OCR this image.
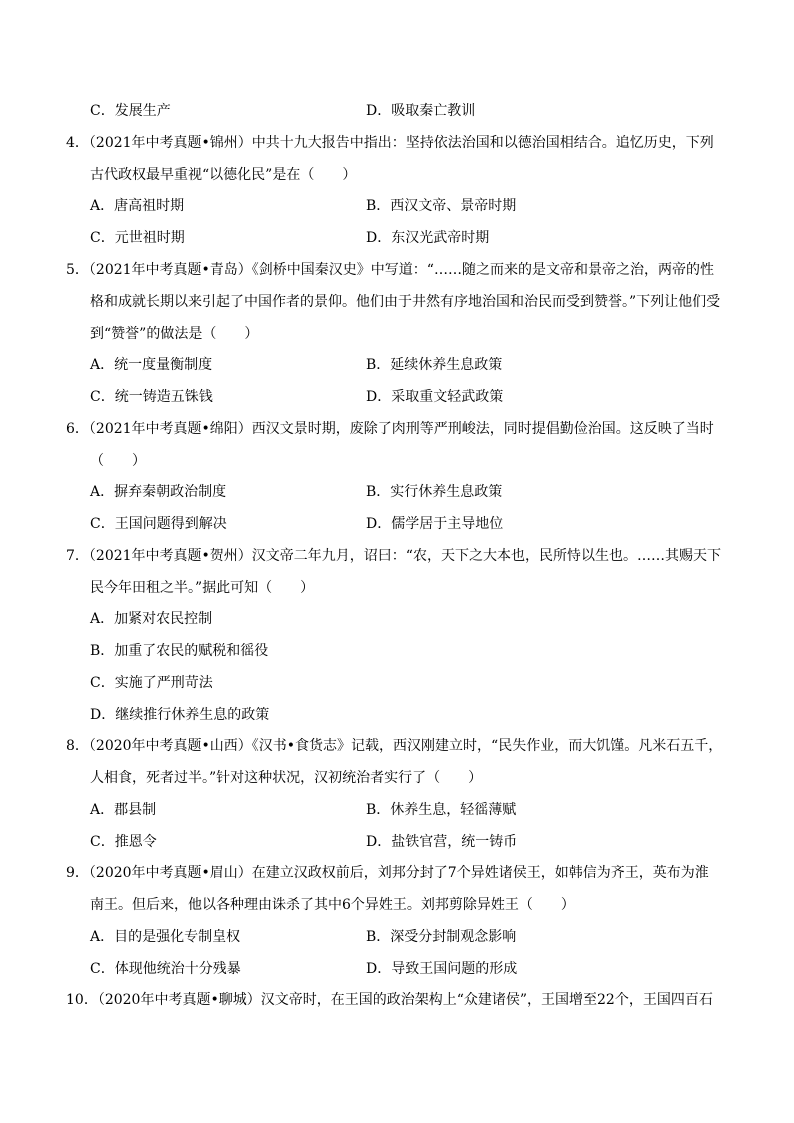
C．发展生产	D．吸取秦亡教训
4．（2021年中考真题•锦州）中共十九大报告中指出：坚持依法治国和以德治国相结合。追忆历史，下列
古代政权最早重视“以德化民”是在（　　）
A．唐高祖时期	B．西汉文帝、景帝时期
C．元世祖时期	D．东汉光武帝时期
5．（2021年中考真题•青岛）《剑桥中国秦汉史》中写道：“……随之而来的是文帝和景帝之治，两帝的性
格和成就长期以来引起了中国作者的景仰。他们由于井然有序地治国和治民而受到赞誉。”下列让他们受
到“赞誉”的做法是（　　）
A．统一度量衡制度	B．延续休养生息政策
C．统一铸造五铢钱	D．采取重文轻武政策
6．（2021年中考真题•绵阳）西汉文景时期，废除了肉刑等严刑峻法，同时提倡勤俭治国。这反映了当时
（　　）
A．摒弃秦朝政治制度	B．实行休养生息政策
C．王国问题得到解决	D．儒学居于主导地位
7．（2021年中考真题•贺州）汉文帝二年九月，诏曰：“农，天下之大本也，民所恃以生也。……其赐天下
民今年田租之半。”据此可知（　　）
A．加紧对农民控制
B．加重了农民的赋税和徭役
C．实施了严刑苛法
D．继续推行休养生息的政策
8．（2020年中考真题•山西）《汉书•食货志》记载，西汉刚建立时，“民失作业，而大饥馑。凡米石五千，
人相食，死者过半。”针对这种状况，汉初统治者实行了（　　）
A．郡县制	B．休养生息，轻徭薄赋
C．推恩令	D．盐铁官营，统一铸币
9．（2020年中考真题•眉山）在建立汉政权前后，刘邦分封了7个异姓诸侯王，如韩信为齐王，英布为淮
南王。但后来，他以各种理由诛杀了其中6个异姓王。刘邦剪除异姓王（　　）
A．目的是强化专制皇权	B．深受分封制观念影响
C．体现他统治十分残暴	D．导致王国问题的形成
10．（2020年中考真题•聊城）汉文帝时，在王国的政治架构上“众建诸侯”，王国增至22个，王国四百石
